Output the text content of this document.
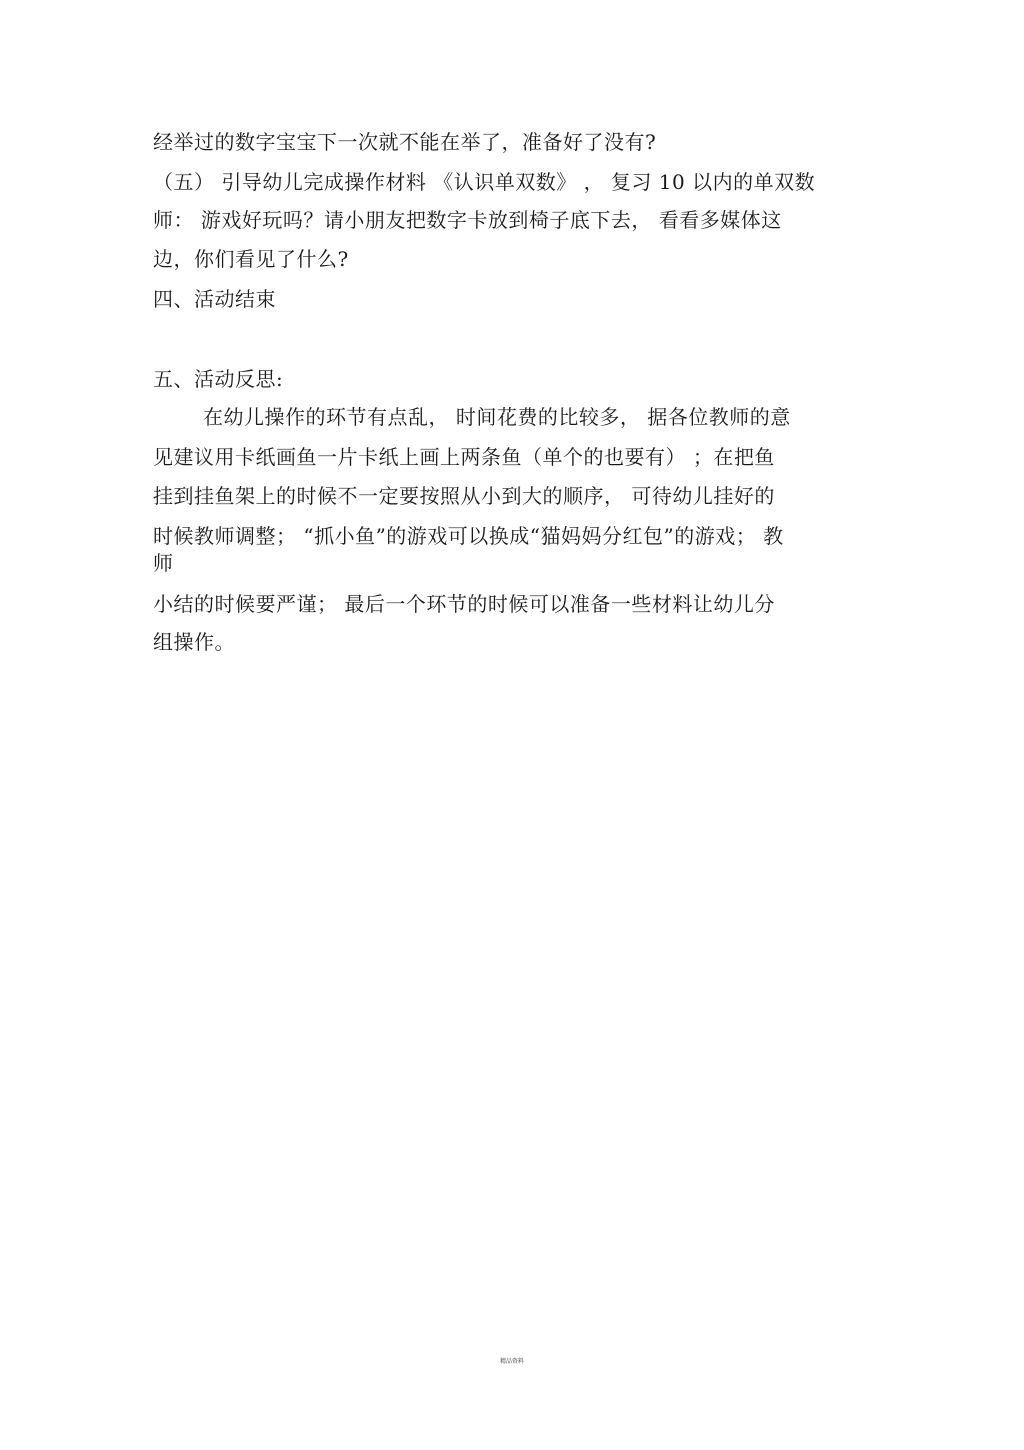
经举过的数字宝宝下一次就不能在举了，准备好了没有?
（五） 引导幼儿完成操作材料 《认识单双数》 ， 复习 10 以内的单双数
师： 游戏好玩吗？请小朋友把数字卡放到椅子底下去， 看看多媒体这
边，你们看见了什么?
四、活动结束
五、活动反思:
在幼儿操作的环节有点乱， 时间花费的比较多， 据各位教师的意
见建议用卡纸画鱼一片卡纸上画上两条鱼（单个的也要有） ；在把鱼
挂到挂鱼架上的时候不一定要按照从小到大的顺序， 可待幼儿挂好的
时候教师调整； “抓小鱼”的游戏可以换成“猫妈妈分红包”的游戏； 教
师
小结的时候要严谨； 最后一个环节的时候可以准备一些材料让幼儿分
组操作。
精品资料
